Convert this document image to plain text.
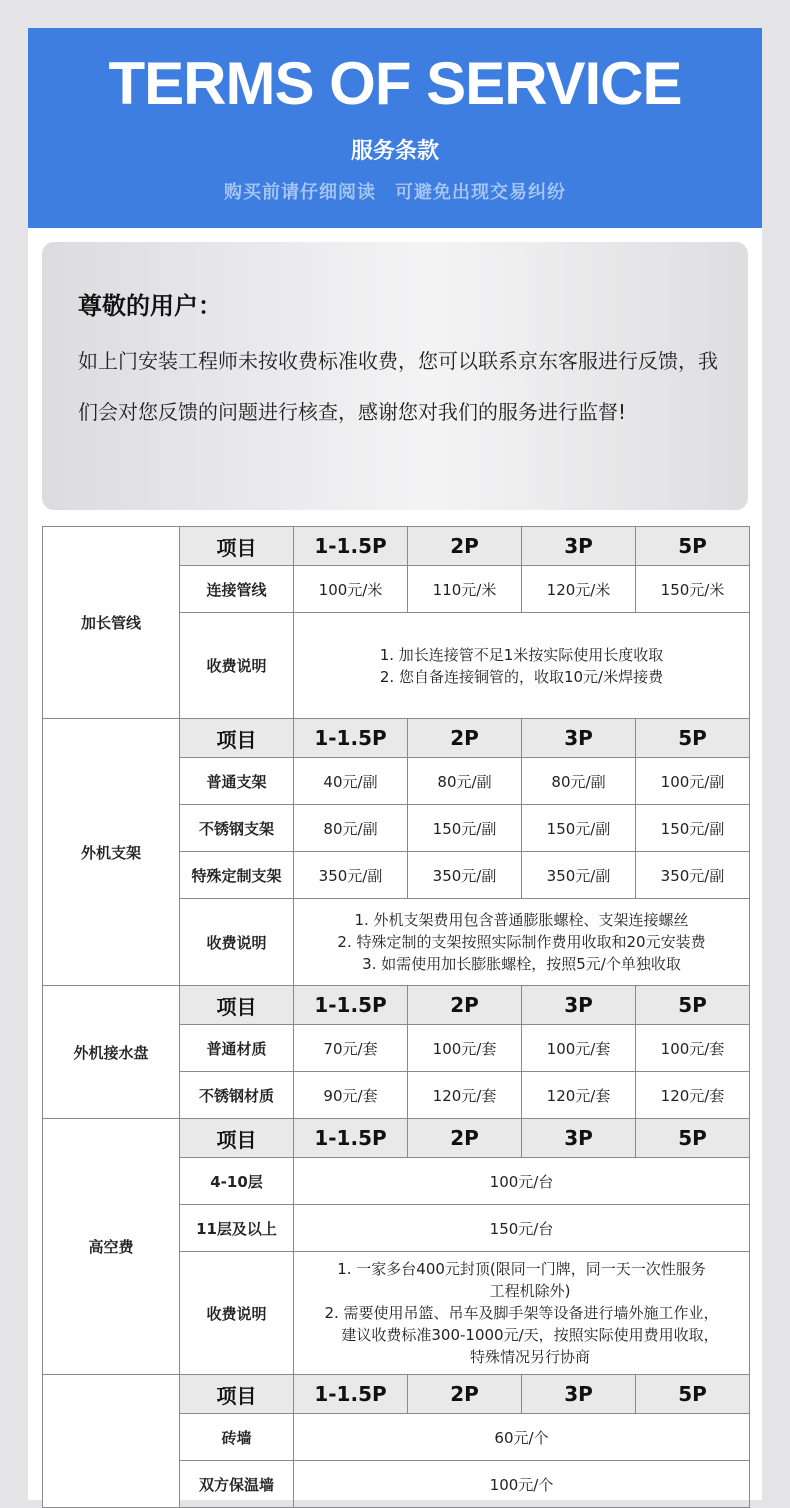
TERMS OF SERVICE
服务条款
购买前请仔细阅读　可避免出现交易纠纷
尊敬的用户：
如上门安装工程师未按收费标准收费，您可以联系京东客服进行反馈，我们会对您反馈的问题进行核查，感谢您对我们的服务进行监督!
加长管线	项目	1-1.5P	2P	3P	5P
	连接管线	100元/米	110元/米	120元/米	150元/米
	收费说明	1. 加长连接管不足1米按实际使用长度收取
2. 您自备连接铜管的，收取10元/米焊接费			

外机支架	项目	1-1.5P	2P	3P	5P
	普通支架	40元/副	80元/副	80元/副	100元/副
	不锈钢支架	80元/副	150元/副	150元/副	150元/副
	特殊定制支架	350元/副	350元/副	350元/副	350元/副
	收费说明	1. 外机支架费用包含普通膨胀螺栓、支架连接螺丝
2. 特殊定制的支架按照实际制作费用收取和20元安装费
3. 如需使用加长膨胀螺栓，按照5元/个单独收取			

外机接水盘	项目	1-1.5P	2P	3P	5P
	普通材质	70元/套	100元/套	100元/套	100元/套
	不锈钢材质	90元/套	120元/套	120元/套	120元/套
高空费	项目	1-1.5P	2P	3P	5P
	4-10层	100元/台			
	11层及以上	150元/台			
	收费说明	1. 一家多台400元封顶(限同一门牌，同一天一次性服务
工程机除外)
2. 需要使用吊篮、吊车及脚手架等设备进行墙外施工作业，
建议收费标准300-1000元/天，按照实际使用费用收取，
特殊情况另行协商			

	项目	1-1.5P	2P	3P	5P
	砖墙	60元/个			
	双方保温墙	100元/个			
